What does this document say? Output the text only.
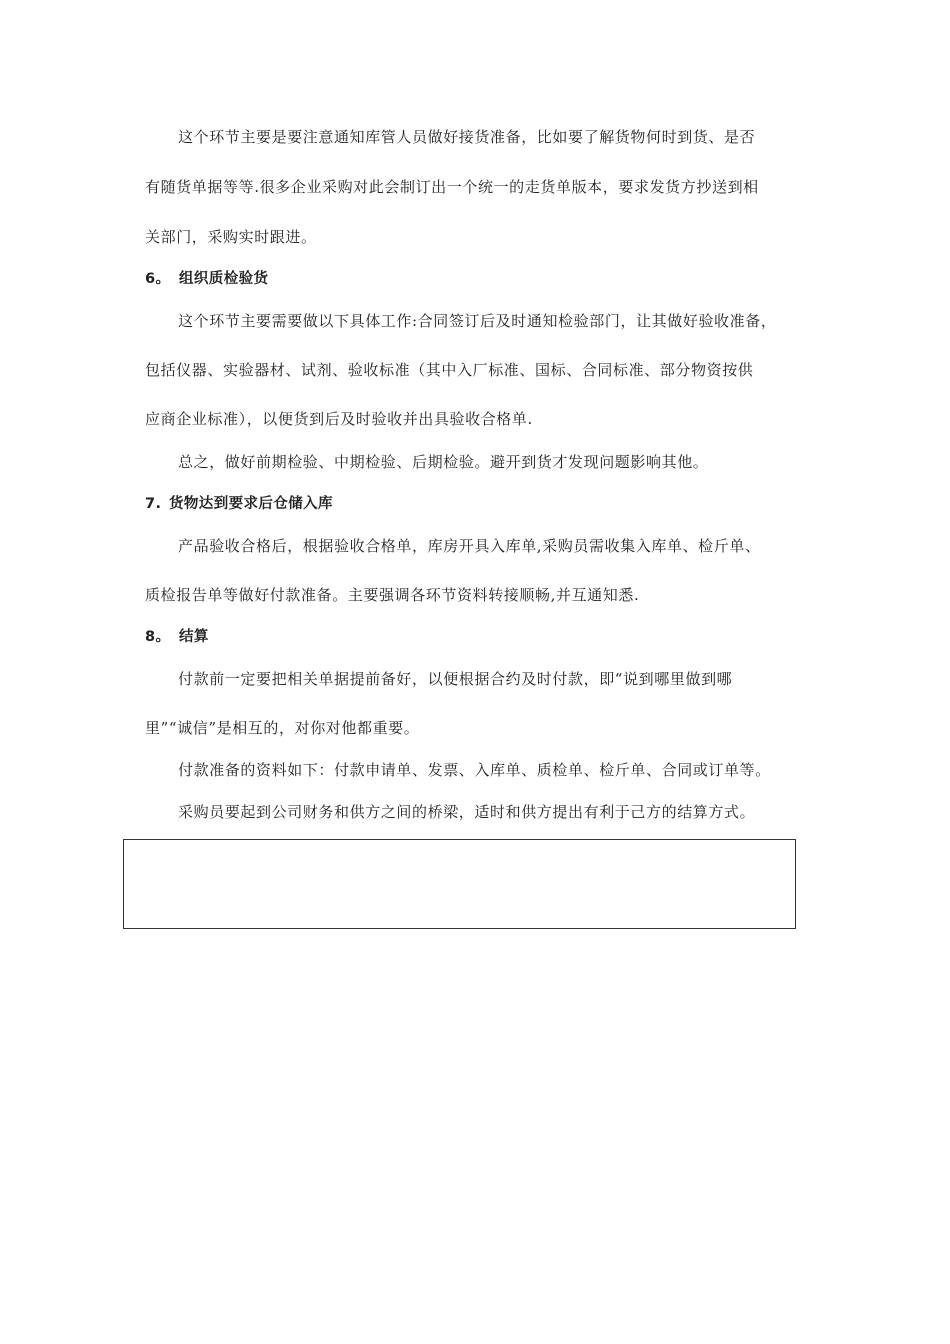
这个环节主要是要注意通知库管人员做好接货准备，比如要了解货物何时到货、是否
有随货单据等等.很多企业采购对此会制订出一个统一的走货单版本，要求发货方抄送到相
关部门，采购实时跟进。
6。 组织质检验货
这个环节主要需要做以下具体工作:合同签订后及时通知检验部门，让其做好验收准备，
包括仪器、实验器材、试剂、验收标准（其中入厂标准、国标、合同标准、部分物资按供
应商企业标准），以便货到后及时验收并出具验收合格单.
总之，做好前期检验、中期检验、后期检验。避开到货才发现问题影响其他。
7. 货物达到要求后仓储入库
产品验收合格后，根据验收合格单，库房开具入库单,采购员需收集入库单、检斤单、
质检报告单等做好付款准备。主要强调各环节资料转接顺畅,并互通知悉.
8。 结算
付款前一定要把相关单据提前备好，以便根据合约及时付款，即“说到哪里做到哪
里”“诚信”是相互的，对你对他都重要。
付款准备的资料如下：付款申请单、发票、入库单、质检单、检斤单、合同或订单等。
采购员要起到公司财务和供方之间的桥梁，适时和供方提出有利于己方的结算方式。
